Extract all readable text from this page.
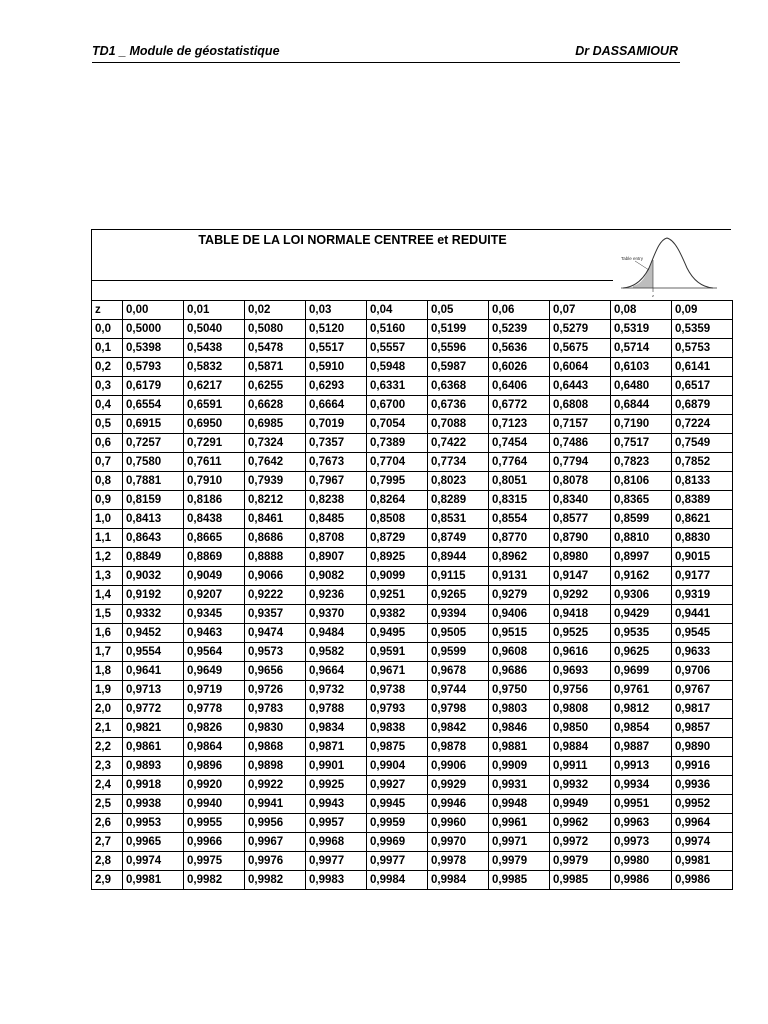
TD1 _ Module de géostatistique	Dr DASSAMIOUR
TABLE DE LA LOI NORMALE CENTREE et REDUITE
Table entry
z
z	0,00	0,01	0,02	0,03	0,04	0,05	0,06	0,07	0,08	0,09
0,0	0,5000	0,5040	0,5080	0,5120	0,5160	0,5199	0,5239	0,5279	0,5319	0,5359
0,1	0,5398	0,5438	0,5478	0,5517	0,5557	0,5596	0,5636	0,5675	0,5714	0,5753
0,2	0,5793	0,5832	0,5871	0,5910	0,5948	0,5987	0,6026	0,6064	0,6103	0,6141
0,3	0,6179	0,6217	0,6255	0,6293	0,6331	0,6368	0,6406	0,6443	0,6480	0,6517
0,4	0,6554	0,6591	0,6628	0,6664	0,6700	0,6736	0,6772	0,6808	0,6844	0,6879
0,5	0,6915	0,6950	0,6985	0,7019	0,7054	0,7088	0,7123	0,7157	0,7190	0,7224
0,6	0,7257	0,7291	0,7324	0,7357	0,7389	0,7422	0,7454	0,7486	0,7517	0,7549
0,7	0,7580	0,7611	0,7642	0,7673	0,7704	0,7734	0,7764	0,7794	0,7823	0,7852
0,8	0,7881	0,7910	0,7939	0,7967	0,7995	0,8023	0,8051	0,8078	0,8106	0,8133
0,9	0,8159	0,8186	0,8212	0,8238	0,8264	0,8289	0,8315	0,8340	0,8365	0,8389
1,0	0,8413	0,8438	0,8461	0,8485	0,8508	0,8531	0,8554	0,8577	0,8599	0,8621
1,1	0,8643	0,8665	0,8686	0,8708	0,8729	0,8749	0,8770	0,8790	0,8810	0,8830
1,2	0,8849	0,8869	0,8888	0,8907	0,8925	0,8944	0,8962	0,8980	0,8997	0,9015
1,3	0,9032	0,9049	0,9066	0,9082	0,9099	0,9115	0,9131	0,9147	0,9162	0,9177
1,4	0,9192	0,9207	0,9222	0,9236	0,9251	0,9265	0,9279	0,9292	0,9306	0,9319
1,5	0,9332	0,9345	0,9357	0,9370	0,9382	0,9394	0,9406	0,9418	0,9429	0,9441
1,6	0,9452	0,9463	0,9474	0,9484	0,9495	0,9505	0,9515	0,9525	0,9535	0,9545
1,7	0,9554	0,9564	0,9573	0,9582	0,9591	0,9599	0,9608	0,9616	0,9625	0,9633
1,8	0,9641	0,9649	0,9656	0,9664	0,9671	0,9678	0,9686	0,9693	0,9699	0,9706
1,9	0,9713	0,9719	0,9726	0,9732	0,9738	0,9744	0,9750	0,9756	0,9761	0,9767
2,0	0,9772	0,9778	0,9783	0,9788	0,9793	0,9798	0,9803	0,9808	0,9812	0,9817
2,1	0,9821	0,9826	0,9830	0,9834	0,9838	0,9842	0,9846	0,9850	0,9854	0,9857
2,2	0,9861	0,9864	0,9868	0,9871	0,9875	0,9878	0,9881	0,9884	0,9887	0,9890
2,3	0,9893	0,9896	0,9898	0,9901	0,9904	0,9906	0,9909	0,9911	0,9913	0,9916
2,4	0,9918	0,9920	0,9922	0,9925	0,9927	0,9929	0,9931	0,9932	0,9934	0,9936
2,5	0,9938	0,9940	0,9941	0,9943	0,9945	0,9946	0,9948	0,9949	0,9951	0,9952
2,6	0,9953	0,9955	0,9956	0,9957	0,9959	0,9960	0,9961	0,9962	0,9963	0,9964
2,7	0,9965	0,9966	0,9967	0,9968	0,9969	0,9970	0,9971	0,9972	0,9973	0,9974
2,8	0,9974	0,9975	0,9976	0,9977	0,9977	0,9978	0,9979	0,9979	0,9980	0,9981
2,9	0,9981	0,9982	0,9982	0,9983	0,9984	0,9984	0,9985	0,9985	0,9986	0,9986
